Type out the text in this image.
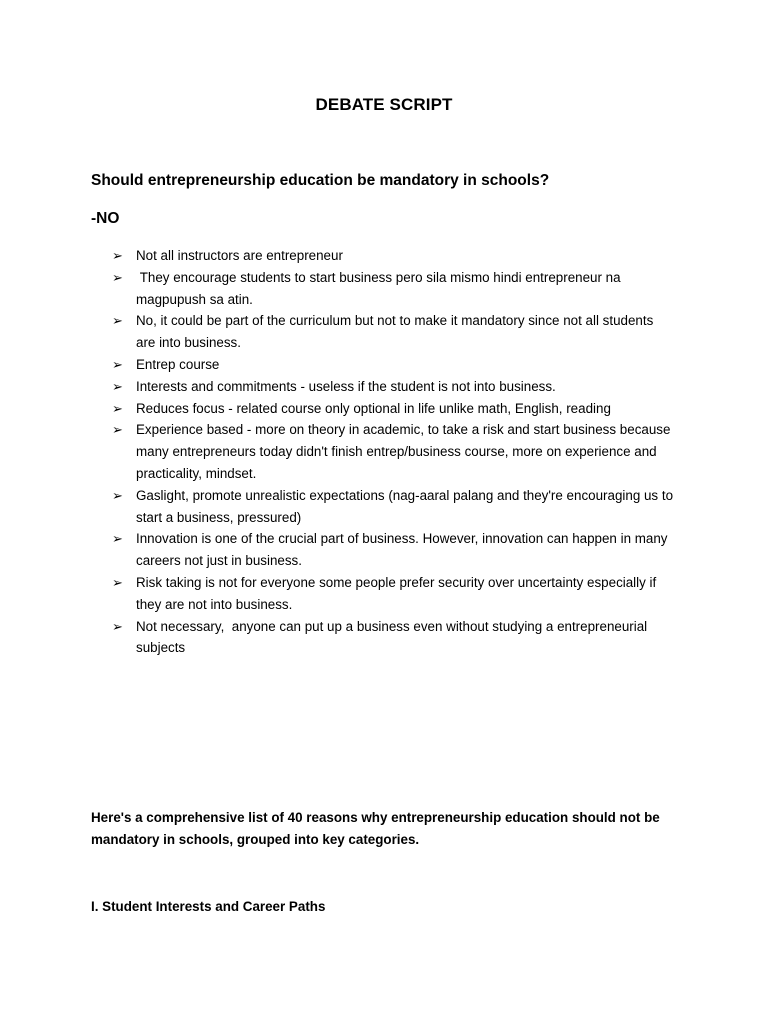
DEBATE SCRIPT
Should entrepreneurship education be mandatory in schools?
-NO
➢ Not all instructors are entrepreneur
➢ They encourage students to start business pero sila mismo hindi entrepreneur na magpupush sa atin.
➢ No, it could be part of the curriculum but not to make it mandatory since not all students are into business.
➢ Entrep course
➢ Interests and commitments - useless if the student is not into business.
➢ Reduces focus - related course only optional in life unlike math, English, reading
➢ Experience based - more on theory in academic, to take a risk and start business because many entrepreneurs today didn't finish entrep/business course, more on experience and practicality, mindset.
➢ Gaslight, promote unrealistic expectations (nag-aaral palang and they're encouraging us to start a business, pressured)
➢ Innovation is one of the crucial part of business. However, innovation can happen in many careers not just in business.
➢ Risk taking is not for everyone some people prefer security over uncertainty especially if they are not into business.
➢ Not necessary,  anyone can put up a business even without studying a entrepreneurial subjects
Here's a comprehensive list of 40 reasons why entrepreneurship education should not be mandatory in schools, grouped into key categories.
I. Student Interests and Career Paths
